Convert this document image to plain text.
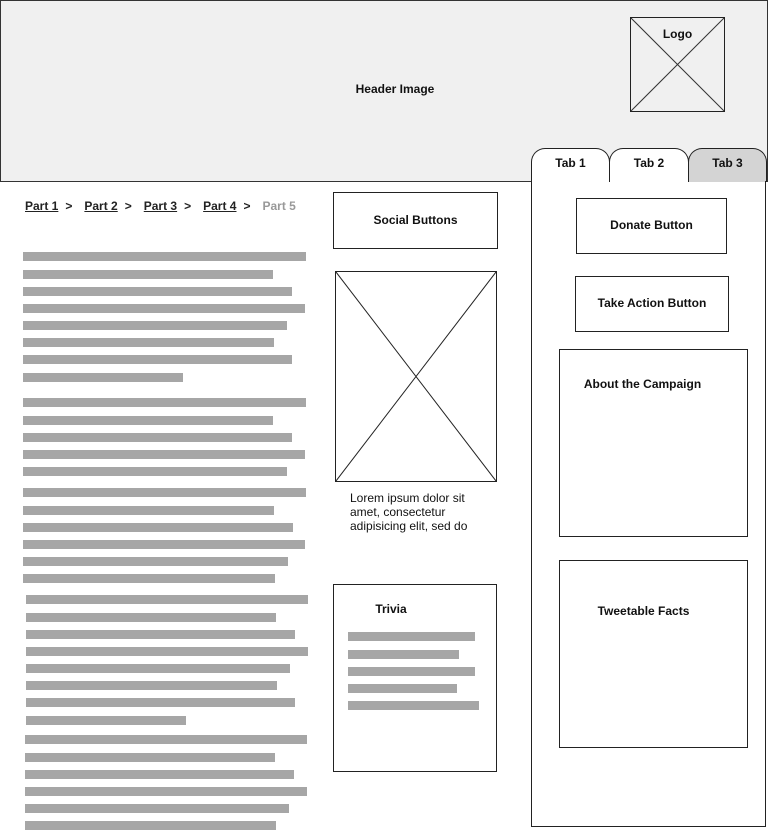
Header Image
Logo
Tab 1	Tab 2	Tab 3
Part 1 > Part 2 > Part 3 > Part 4 > Part 5
Social Buttons
Lorem ipsum dolor sit amet, consectetur adipisicing elit, sed do
Trivia
Donate Button
Take Action Button
About the Campaign
Tweetable Facts
